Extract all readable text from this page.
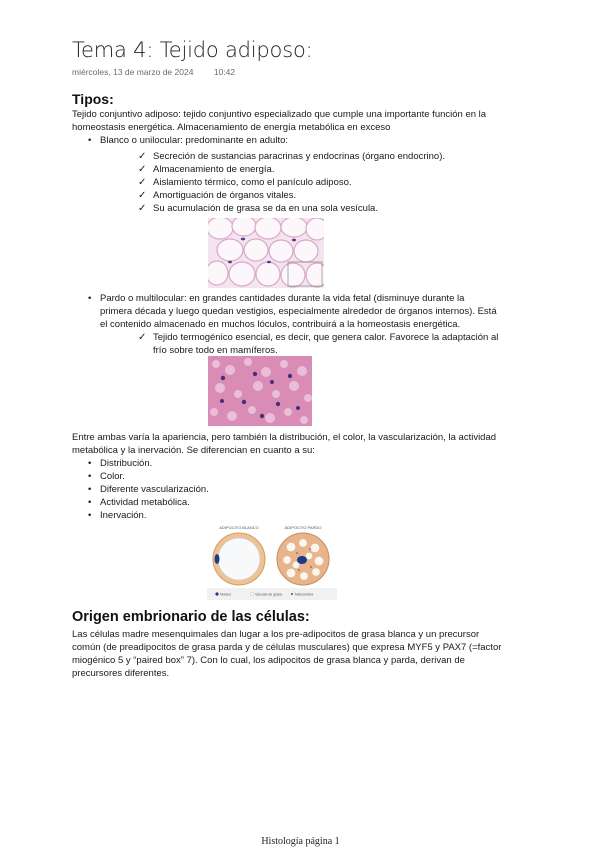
Tema 4: Tejido adiposo:
miércoles, 13 de marzo de 2024 10:42
Tipos:
Tejido conjuntivo adiposo: tejido conjuntivo especializado que cumple una importante función en la
homeostasis energética. Almacenamiento de energía metabólica en exceso
• Blanco o unilocular: predominante en adulto:
✓ Secreción de sustancias paracrinas y endocrinas (órgano endocrino).
✓ Almacenamiento de energía.
✓ Aislamiento térmico, como el panículo adiposo.
✓ Amortiguación de órganos vitales.
✓ Su acumulación de grasa se da en una sola vesícula.
• Pardo o multilocular: en grandes cantidades durante la vida fetal (disminuye durante la
primera década y luego quedan vestigios, especialmente alrededor de órganos internos). Está
el contenido almacenado en muchos lóculos, contribuirá a la homeostasis energética.
✓ Tejido termogénico esencial, es decir, que genera calor. Favorece la adaptación al
frío sobre todo en mamíferos.
Entre ambas varía la apariencia, pero también la distribución, el color, la vascularización, la actividad
metabólica y la inervación. Se diferencian en cuanto a su:
• Distribución.
• Color.
• Diferente vascularización.
• Actividad metabólica.
• Inervación.
ADIPOCITO BLANCO	ADIPOCITO PARDO
Núcleo	Vacuola de grasa	Mitocondria
Origen embrionario de las células:
Las células madre mesenquimales dan lugar a los pre-adipocitos de grasa blanca y un precursor
común (de preadipocitos de grasa parda y de células musculares) que expresa MYF5 y PAX7 (=factor
miogénico 5 y “paired box” 7). Con lo cual, los adipocitos de grasa blanca y parda, derivan de
precursores diferentes.
Histología página 1
